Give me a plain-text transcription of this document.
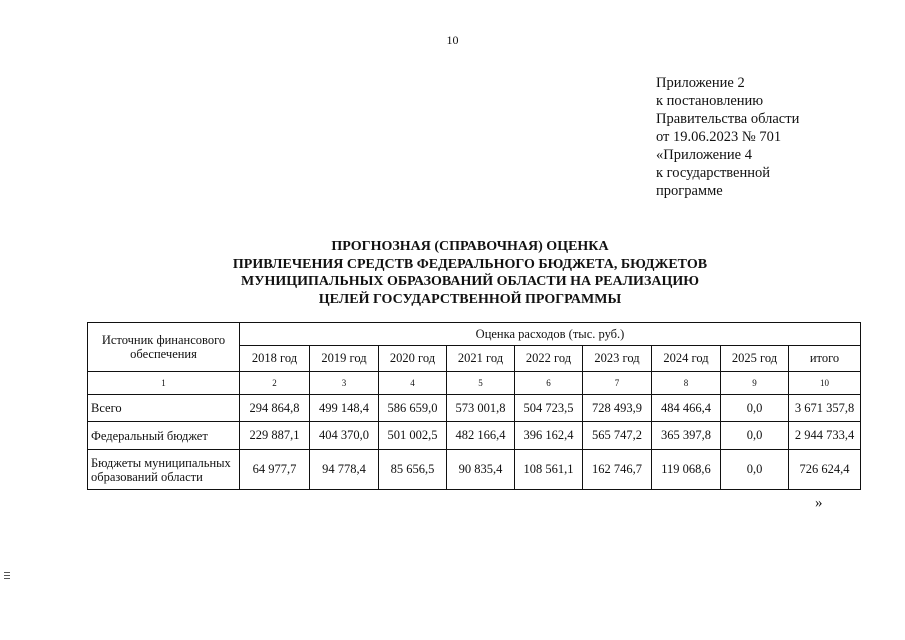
10
Приложение 2
к постановлению
Правительства области
от 19.06.2023 № 701
«Приложение 4
к государственной
программе
ПРОГНОЗНАЯ (СПРАВОЧНАЯ) ОЦЕНКА
ПРИВЛЕЧЕНИЯ СРЕДСТВ ФЕДЕРАЛЬНОГО БЮДЖЕТА, БЮДЖЕТОВ
МУНИЦИПАЛЬНЫХ ОБРАЗОВАНИЙ ОБЛАСТИ НА РЕАЛИЗАЦИЮ
ЦЕЛЕЙ ГОСУДАРСТВЕННОЙ ПРОГРАММЫ
Источник финансового обеспечения	Оценка расходов (тыс. руб.)								
	2018 год	2019 год	2020 год	2021 год	2022 год	2023 год	2024 год	2025 год	итого
1	2	3	4	5	6	7	8	9	10
Всего	294 864,8	499 148,4	586 659,0	573 001,8	504 723,5	728 493,9	484 466,4	0,0	3 671 357,8
Федеральный бюджет	229 887,1	404 370,0	501 002,5	482 166,4	396 162,4	565 747,2	365 397,8	0,0	2 944 733,4
Бюджеты муниципальных образований области	64 977,7	94 778,4	85 656,5	90 835,4	108 561,1	162 746,7	119 068,6	0,0	726 624,4
»
